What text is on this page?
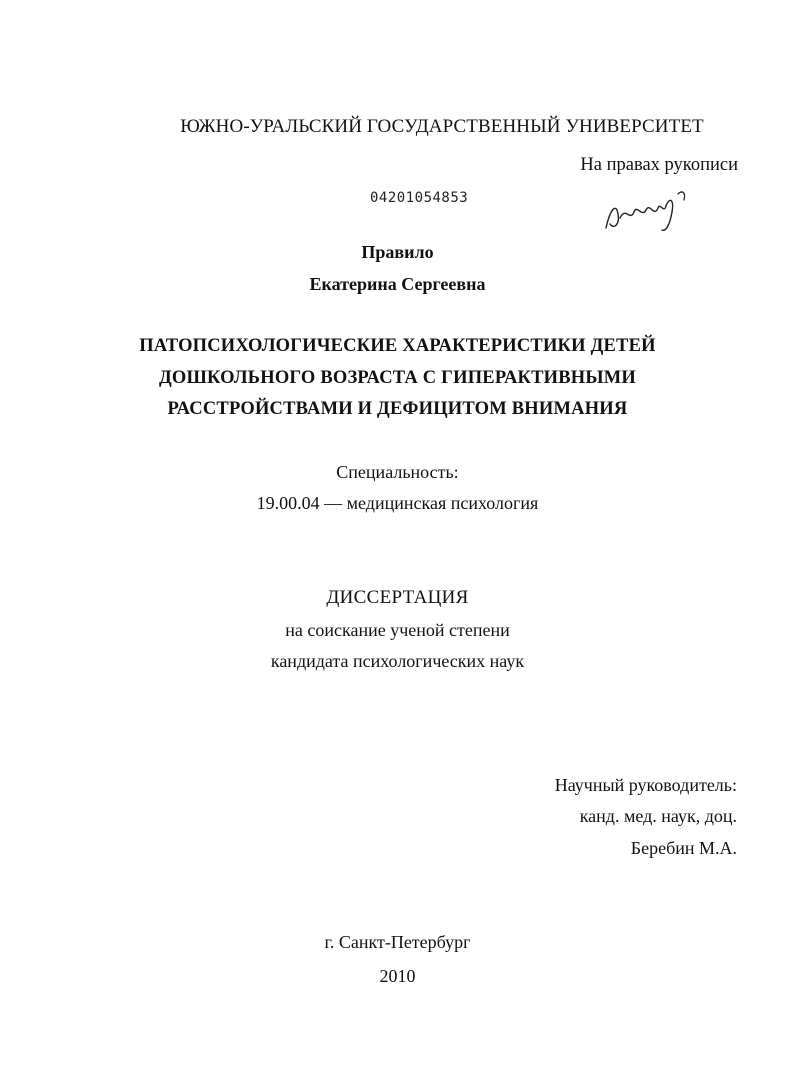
ЮЖНО-УРАЛЬСКИЙ ГОСУДАРСТВЕННЫЙ УНИВЕРСИТЕТ
На правах рукописи
04201054853
Правило
Екатерина Сергеевна
ПАТОПСИХОЛОГИЧЕСКИЕ ХАРАКТЕРИСТИКИ ДЕТЕЙ
ДОШКОЛЬНОГО ВОЗРАСТА С ГИПЕРАКТИВНЫМИ
РАССТРОЙСТВАМИ И ДЕФИЦИТОМ ВНИМАНИЯ
Специальность:
19.00.04 — медицинская психология
ДИССЕРТАЦИЯ
на соискание ученой степени
кандидата психологических наук
Научный руководитель:
канд. мед. наук, доц.
Беребин М.А.
г. Санкт-Петербург
2010
